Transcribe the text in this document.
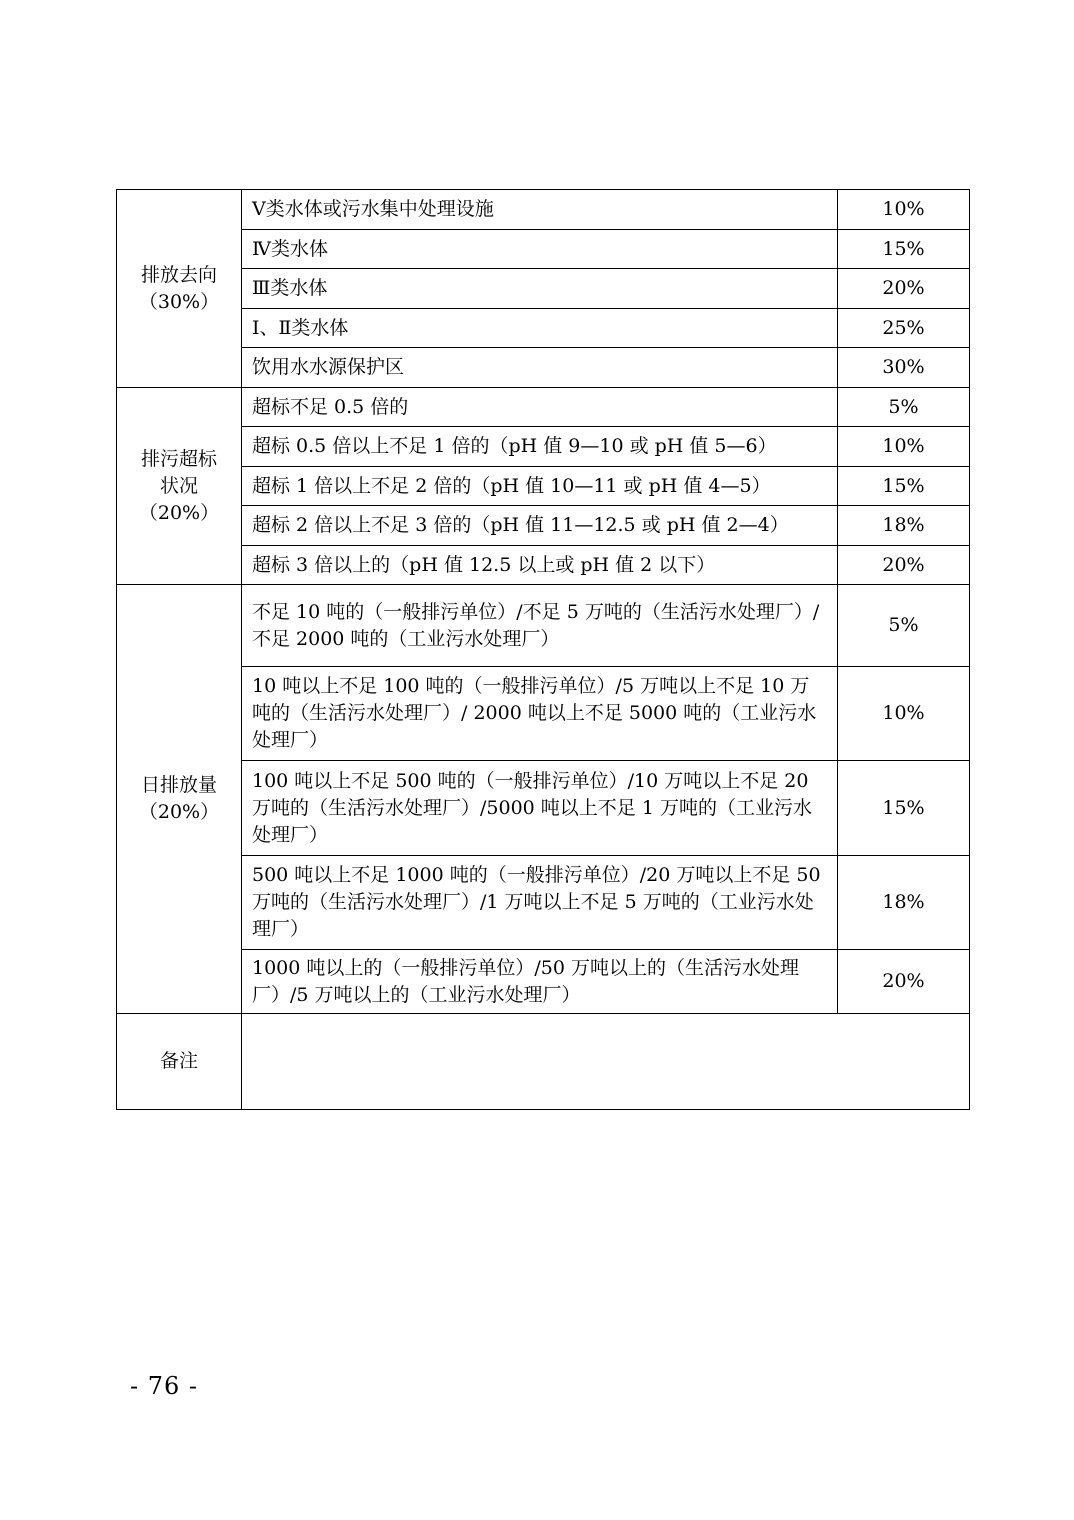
排放去向
（30%）	Ⅴ类水体或污水集中处理设施	10%
	Ⅳ类水体	15%
	Ⅲ类水体	20%
	Ⅰ、Ⅱ类水体	25%
	饮用水水源保护区	30%

排污超标
状况
（20%）	超标不足 0.5 倍的	5%
	超标 0.5 倍以上不足 1 倍的（pH 值 9—10 或 pH 值 5—6）	10%
	超标 1 倍以上不足 2 倍的（pH 值 10—11 或 pH 值 4—5）	15%
	超标 2 倍以上不足 3 倍的（pH 值 11—12.5 或 pH 值 2—4）	18%
	超标 3 倍以上的（pH 值 12.5 以上或 pH 值 2 以下）	20%

日排放量
（20%）	不足 10 吨的（一般排污单位）/不足 5 万吨的（生活污水处理厂）/不足 2000 吨的（工业污水处理厂）	5%
	10 吨以上不足 100 吨的（一般排污单位）/5 万吨以上不足 10 万吨的（生活污水处理厂）/ 2000 吨以上不足 5000 吨的（工业污水处理厂）	10%
	100 吨以上不足 500 吨的（一般排污单位）/10 万吨以上不足 20 万吨的（生活污水处理厂）/5000 吨以上不足 1 万吨的（工业污水处理厂）	15%
	500 吨以上不足 1000 吨的（一般排污单位）/20 万吨以上不足 50 万吨的（生活污水处理厂）/1 万吨以上不足 5 万吨的（工业污水处理厂）	18%
	1000 吨以上的（一般排污单位）/50 万吨以上的（生活污水处理厂）/5 万吨以上的（工业污水处理厂）	20%
备注		
- 76 -
